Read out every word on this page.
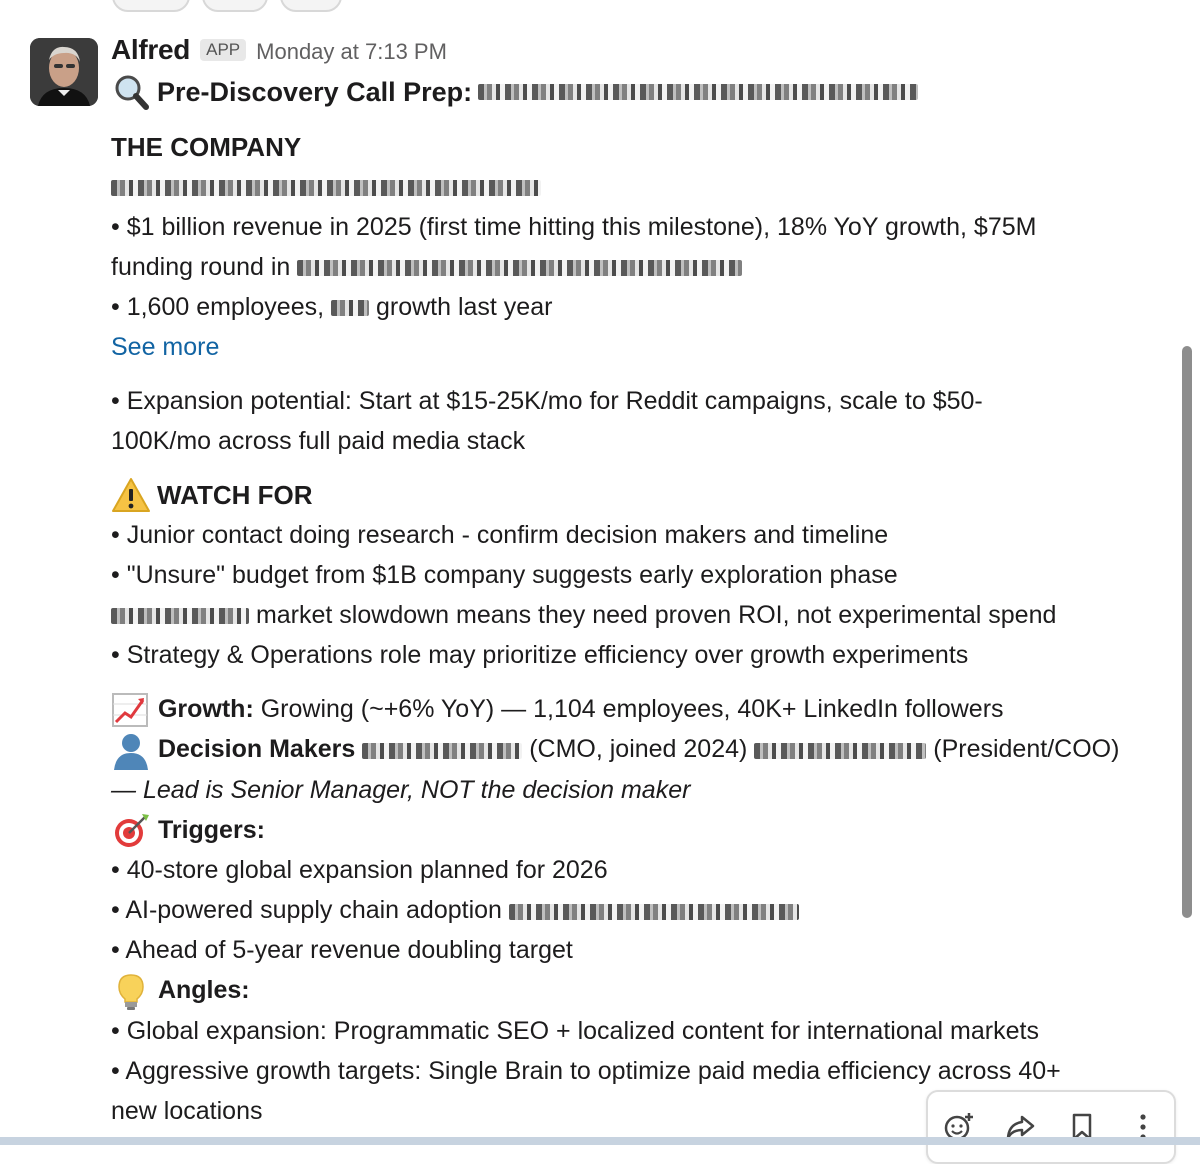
Alfred APP Monday at 7:13 PM
Pre-Discovery Call Prep:
THE COMPANY
• $1 billion revenue in 2025 (first time hitting this milestone), 18% YoY growth, $75M
funding round in
• 1,600 employees, growth last year
See more
• Expansion potential: Start at $15-25K/mo for Reddit campaigns, scale to $50-
100K/mo across full paid media stack
WATCH FOR
• Junior contact doing research - confirm decision makers and timeline
• "Unsure" budget from $1B company suggests early exploration phase
market slowdown means they need proven ROI, not experimental spend
• Strategy & Operations role may prioritize efficiency over growth experiments
Growth: Growing (~+6% YoY) — 1,104 employees, 40K+ LinkedIn followers
Decision Makers	(CMO, joined 2024)	(President/COO)
— Lead is Senior Manager, NOT the decision maker
Triggers:
• 40-store global expansion planned for 2026
• AI-powered supply chain adoption
• Ahead of 5-year revenue doubling target
Angles:
• Global expansion: Programmatic SEO + localized content for international markets
• Aggressive growth targets: Single Brain to optimize paid media efficiency across 40+
new locations
